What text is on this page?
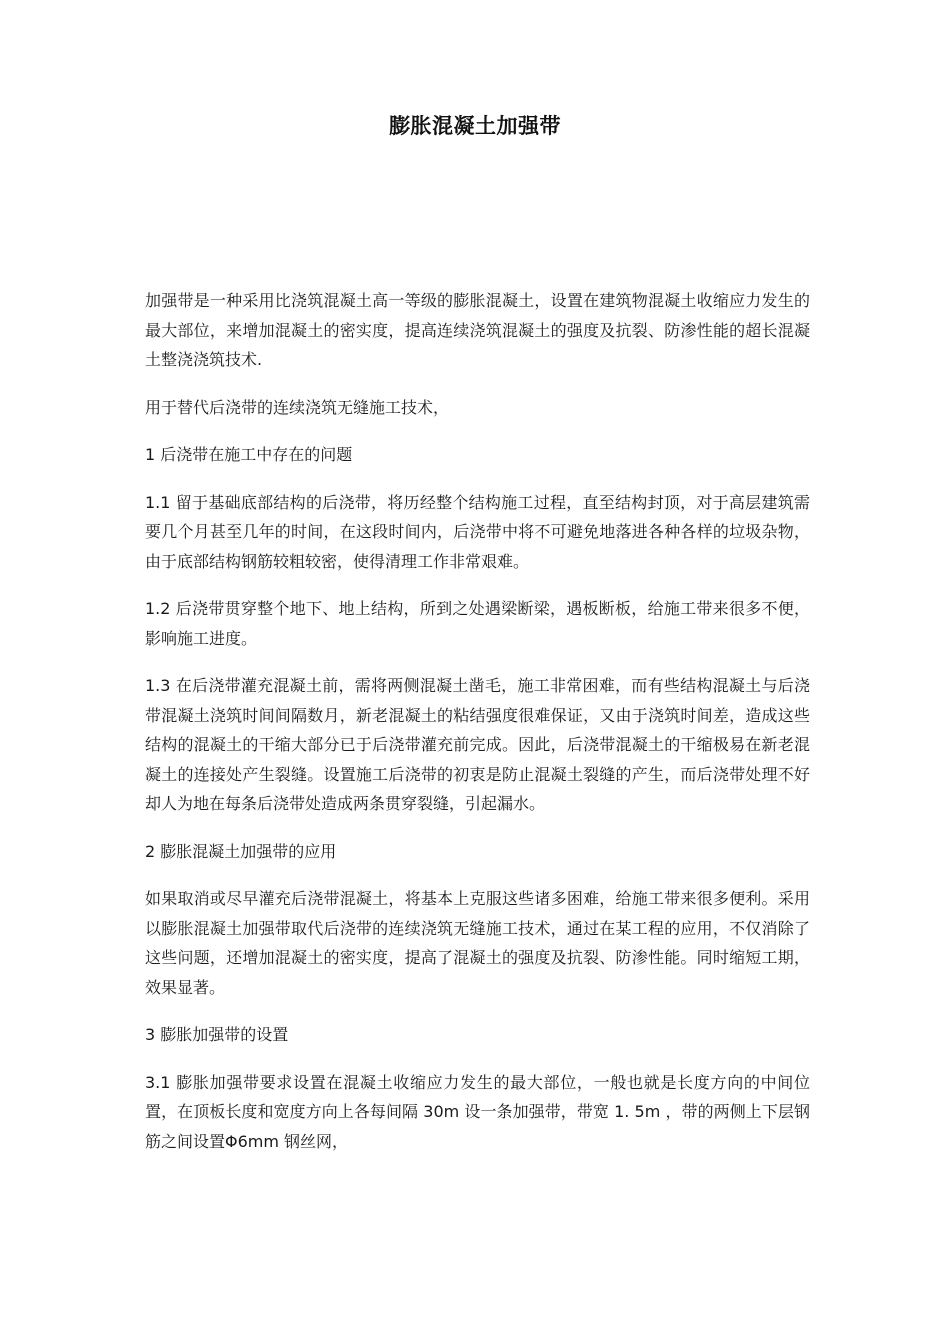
膨胀混凝土加强带

加强带是一种采用比浇筑混凝土高一等级的膨胀混凝土，设置在建筑物混凝土收缩应力发生的最大部位，来增加混凝土的密实度，提高连续浇筑混凝土的强度及抗裂、防渗性能的超长混凝土整浇浇筑技术.

用于替代后浇带的连续浇筑无缝施工技术，

1 后浇带在施工中存在的问题

1.1 留于基础底部结构的后浇带，将历经整个结构施工过程，直至结构封顶，对于高层建筑需要几个月甚至几年的时间，在这段时间内，后浇带中将不可避免地落进各种各样的垃圾杂物，由于底部结构钢筋较粗较密，使得清理工作非常艰难。

1.2 后浇带贯穿整个地下、地上结构，所到之处遇梁断梁，遇板断板，给施工带来很多不便，影响施工进度。

1.3 在后浇带灌充混凝土前，需将两侧混凝土凿毛，施工非常困难，而有些结构混凝土与后浇带混凝土浇筑时间间隔数月，新老混凝土的粘结强度很难保证，又由于浇筑时间差，造成这些结构的混凝土的干缩大部分已于后浇带灌充前完成。因此，后浇带混凝土的干缩极易在新老混凝土的连接处产生裂缝。设置施工后浇带的初衷是防止混凝土裂缝的产生，而后浇带处理不好却人为地在每条后浇带处造成两条贯穿裂缝，引起漏水。

2 膨胀混凝土加强带的应用

如果取消或尽早灌充后浇带混凝土，将基本上克服这些诸多困难，给施工带来很多便利。采用以膨胀混凝土加强带取代后浇带的连续浇筑无缝施工技术，通过在某工程的应用，不仅消除了这些问题，还增加混凝土的密实度，提高了混凝土的强度及抗裂、防渗性能。同时缩短工期，效果显著。

3 膨胀加强带的设置

3.1 膨胀加强带要求设置在混凝土收缩应力发生的最大部位，一般也就是长度方向的中间位置，在顶板长度和宽度方向上各每间隔 30m 设一条加强带，带宽 1. 5m ，带的两侧上下层钢筋之间设置Φ6mm 钢丝网，
